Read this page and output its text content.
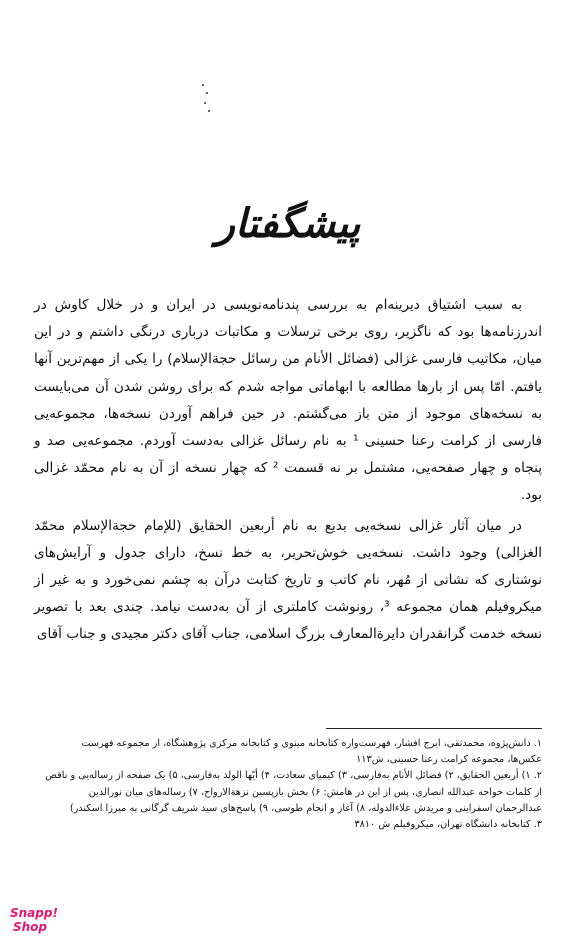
پیشگفتار

به سبب اشتیاق دیرینه‌ام به بررسی پندنامه‌نویسی در ایران و در خلال کاوش در اندرزنامه‌ها بود که ناگزیر، روی برخی ترسلات و مکاتبات درباری درنگی داشتم و در این میان، مکاتیب فارسی غزالی (فضائل الأنام من رسائل حجة‌الإسلام) را یکی از مهم‌ترین آنها یافتم. امّا پس از بارها مطالعه با ابهاماتی مواجه شدم که برای روشن شدن آن می‌بایست به نسخه‌های موجود از متن باز می‌گشتم. در حین فراهم آوردن نسخه‌ها، مجموعه‌یی فارسی از کرامت رعنا حسینی ¹ به نام رسائل غزالی به‌دست آوردم. مجموعه‌یی صد و پنجاه و چهار صفحه‌یی، مشتمل بر نه قسمت ² که چهار نسخه از آن به نام محمّد غزالی بود.

در میان آثار غزالی نسخه‌یی بدیع به نام أربعین الحقایق (للإمام حجة‌الإسلام محمّد الغزالی) وجود داشت. نسخه‌یی خوش‌تحریر، به خط نسخ، دارای جدول و آرایش‌های نوشتاری که نشانی از مُهر، نام کاتب و تاریخ کتابت درآن به چشم نمی‌خورد و به غیر از میکروفیلم همان مجموعه ³، رونوشت کاملتری از آن به‌دست نیامد. چندی بعد با تصویر نسخه خدمت گرانقدران دایرةالمعارف بزرگ اسلامی، جناب آقای دکتر مجیدی و جناب آقای

۱. دانش‌پژوه، محمدتقی، ایرج افشار، فهرست‌واره کتابخانه مینوی و کتابخانه مرکزی پژوهشگاه، از مجموعه فهرست
عکس‌ها، مجموعه کرامت رعنا حسینی، ش۱۱۳
۲. ۱) أربعین الحقایق، ۲) فضائل الأنام به‌فارسی، ۳) کیمیای سعادت، ۴) أیّها الولد به‌فارسی، ۵) یک صفحه از رساله‌یی و ناقص
از کلمات خواجه عبدالله انصاری، پس از این در هامش: ۶) بخش بازپسین نزهة‌الارواح، ۷) رساله‌های میان نورالدین
عبدالرحمان اسفراینی و مریدش علاءالدوله، ۸) آغاز و انجام طوسی، ۹) پاسخ‌های سید شریف گرگانی به میرزا اسکندر)
۳. کتابخانه دانشگاه تهران، میکروفیلم ش ۳۸۱۰
Snapp!
Shop
